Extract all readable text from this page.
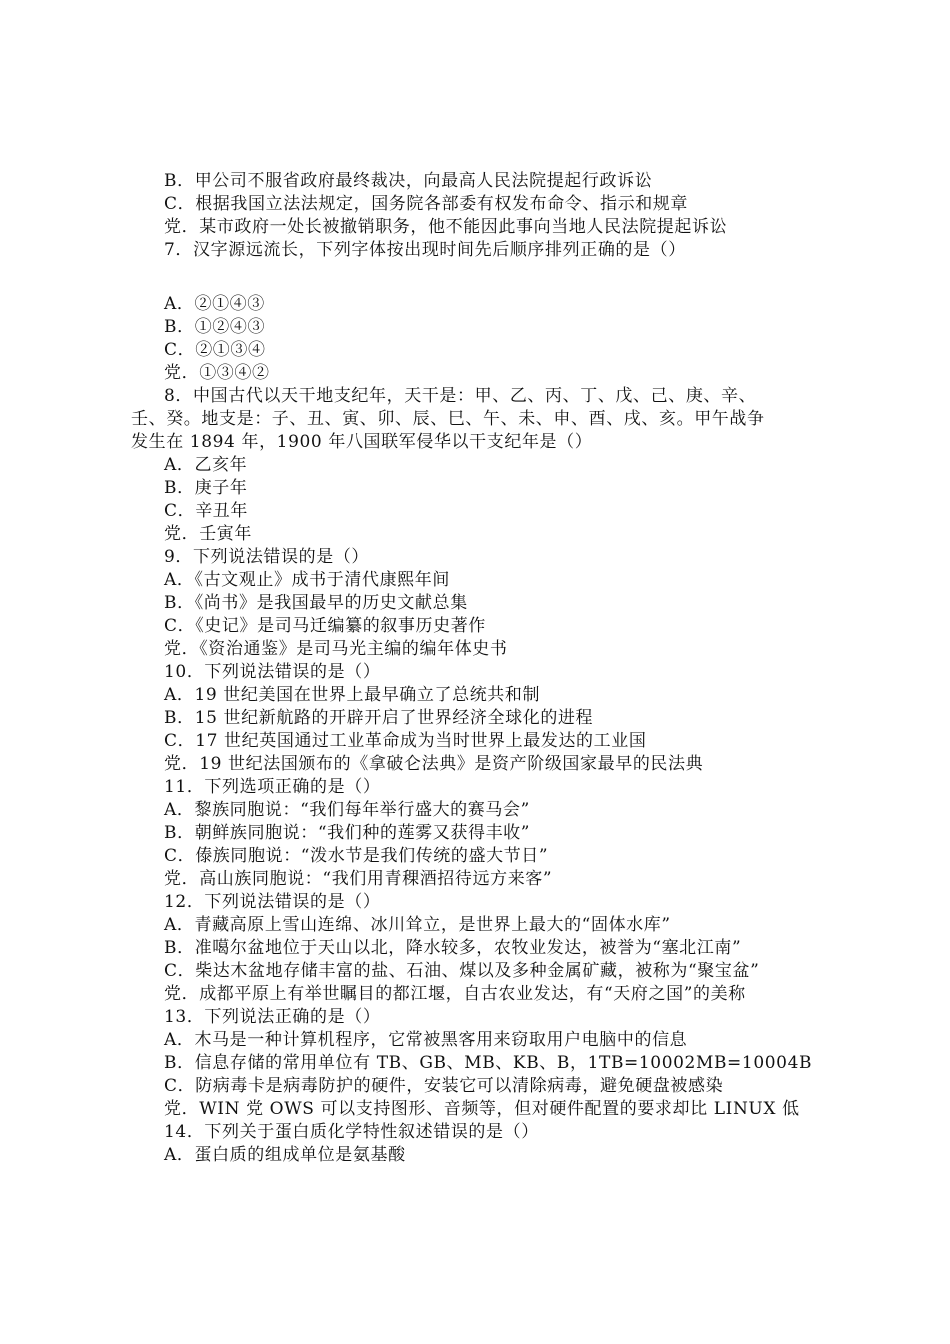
B．甲公司不服省政府最终裁决，向最高人民法院提起行政诉讼
C．根据我国立法法规定，国务院各部委有权发布命令、指示和规章
党．某市政府一处长被撤销职务，他不能因此事向当地人民法院提起诉讼
7．汉字源远流长，下列字体按出现时间先后顺序排列正确的是（）
A．②①④③
B．①②④③
C．②①③④
党．①③④②
8．中国古代以天干地支纪年，天干是：甲、乙、丙、丁、戊、己、庚、辛、
壬、癸。地支是：子、丑、寅、卯、辰、巳、午、未、申、酉、戌、亥。甲午战争
发生在 1894 年，1900 年八国联军侵华以干支纪年是（）
A．乙亥年
B．庚子年
C．辛丑年
党．壬寅年
9．下列说法错误的是（）
A．《古文观止》成书于清代康熙年间
B．《尚书》是我国最早的历史文献总集
C．《史记》是司马迁编纂的叙事历史著作
党．《资治通鉴》是司马光主编的编年体史书
10．下列说法错误的是（）
A．19 世纪美国在世界上最早确立了总统共和制
B．15 世纪新航路的开辟开启了世界经济全球化的进程
C．17 世纪英国通过工业革命成为当时世界上最发达的工业国
党．19 世纪法国颁布的《拿破仑法典》是资产阶级国家最早的民法典
11．下列选项正确的是（）
A．黎族同胞说：“我们每年举行盛大的赛马会”
B．朝鲜族同胞说：“我们种的莲雾又获得丰收”
C．傣族同胞说：“泼水节是我们传统的盛大节日”
党．高山族同胞说：“我们用青稞酒招待远方来客”
12．下列说法错误的是（）
A．青藏高原上雪山连绵、冰川耸立，是世界上最大的“固体水库”
B．准噶尔盆地位于天山以北，降水较多，农牧业发达，被誉为“塞北江南”
C．柴达木盆地存储丰富的盐、石油、煤以及多种金属矿藏，被称为“聚宝盆”
党．成都平原上有举世瞩目的都江堰，自古农业发达，有“天府之国”的美称
13．下列说法正确的是（）
A．木马是一种计算机程序，它常被黑客用来窃取用户电脑中的信息
B．信息存储的常用单位有 TB、GB、MB、KB、B，1TB=10002MB=10004B
C．防病毒卡是病毒防护的硬件，安装它可以清除病毒，避免硬盘被感染
党．WIN 党 OWS 可以支持图形、音频等，但对硬件配置的要求却比 LINUX 低
14．下列关于蛋白质化学特性叙述错误的是（）
A．蛋白质的组成单位是氨基酸
